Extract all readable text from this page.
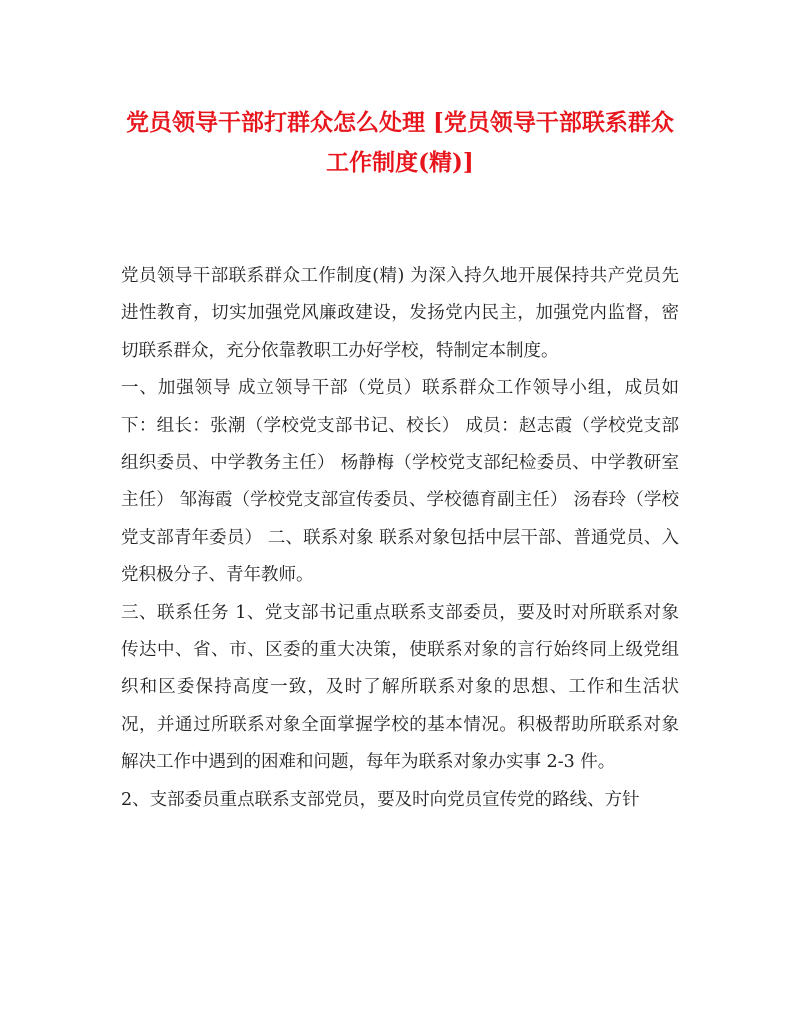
党员领导干部打群众怎么处理 [党员领导干部联系群众工作制度(精)]

党员领导干部联系群众工作制度(精) 为深入持久地开展保持共产党员先进性教育，切实加强党风廉政建设，发扬党内民主，加强党内监督，密切联系群众，充分依靠教职工办好学校，特制定本制度。

一、加强领导 成立领导干部（党员）联系群众工作领导小组，成员如下：组长：张潮（学校党支部书记、校长） 成员：赵志霞（学校党支部组织委员、中学教务主任） 杨静梅（学校党支部纪检委员、中学教研室主任） 邹海霞（学校党支部宣传委员、学校德育副主任） 汤春玲（学校党支部青年委员） 二、联系对象 联系对象包括中层干部、普通党员、入党积极分子、青年教师。

三、联系任务 1、党支部书记重点联系支部委员，要及时对所联系对象传达中、省、市、区委的重大决策，使联系对象的言行始终同上级党组织和区委保持高度一致，及时了解所联系对象的思想、工作和生活状况，并通过所联系对象全面掌握学校的基本情况。积极帮助所联系对象解决工作中遇到的困难和问题，每年为联系对象办实事 2-3 件。

2、支部委员重点联系支部党员，要及时向党员宣传党的路线、方针
